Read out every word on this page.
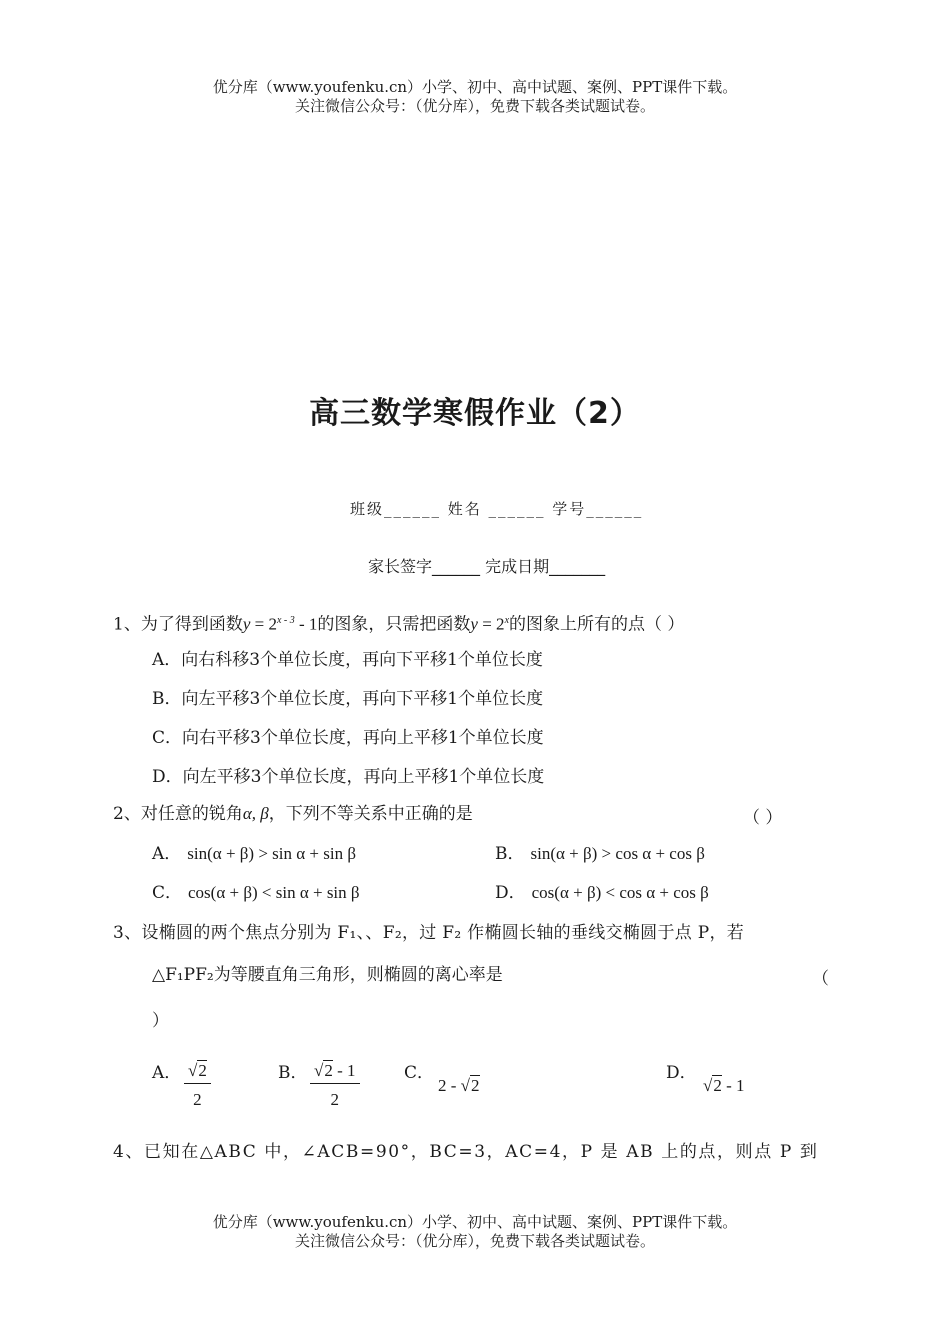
优分库（www.youfenku.cn）小学、初中、高中试题、案例、PPT课件下载。
关注微信公众号：（优分库），免费下载各类试题试卷。
高三数学寒假作业（2）
班级______ 姓名 ______ 学号______
家长签字______ 完成日期_______
1、为了得到函数$y = 2^{x - 3} - 1$的图象，只需把函数$y = 2^x$的图象上所有的点（ ）
A．向右科移3个单位长度，再向下平移1个单位长度
B．向左平移3个单位长度，再向下平移1个单位长度
C．向右平移3个单位长度，再向上平移1个单位长度
D．向左平移3个单位长度，再向上平移1个单位长度
2、对任意的锐角α, β，下列不等关系中正确的是	（ ）
A． sin(α + β) > sin α + sin β	B． sin(α + β) > cos α + cos β
C． cos(α + β) < sin α + sin β	D． cos(α + β) < cos α + cos β
3、设椭圆的两个焦点分别为 F₁、、F₂，过 F₂ 作椭圆长轴的垂线交椭圆于点 P，若
△F₁PF₂为等腰直角三角形，则椭圆的离心率是	（
）
A． $\frac{√2}{2}$	B． $\frac{√2 - 1}{2}$	C．
2 - √2
D．
√2 - 1
4、已知在△ABC 中，∠ACB=90°，BC=3，AC=4，P 是 AB 上的点，则点 P 到
优分库（www.youfenku.cn）小学、初中、高中试题、案例、PPT课件下载。
关注微信公众号：（优分库），免费下载各类试题试卷。
